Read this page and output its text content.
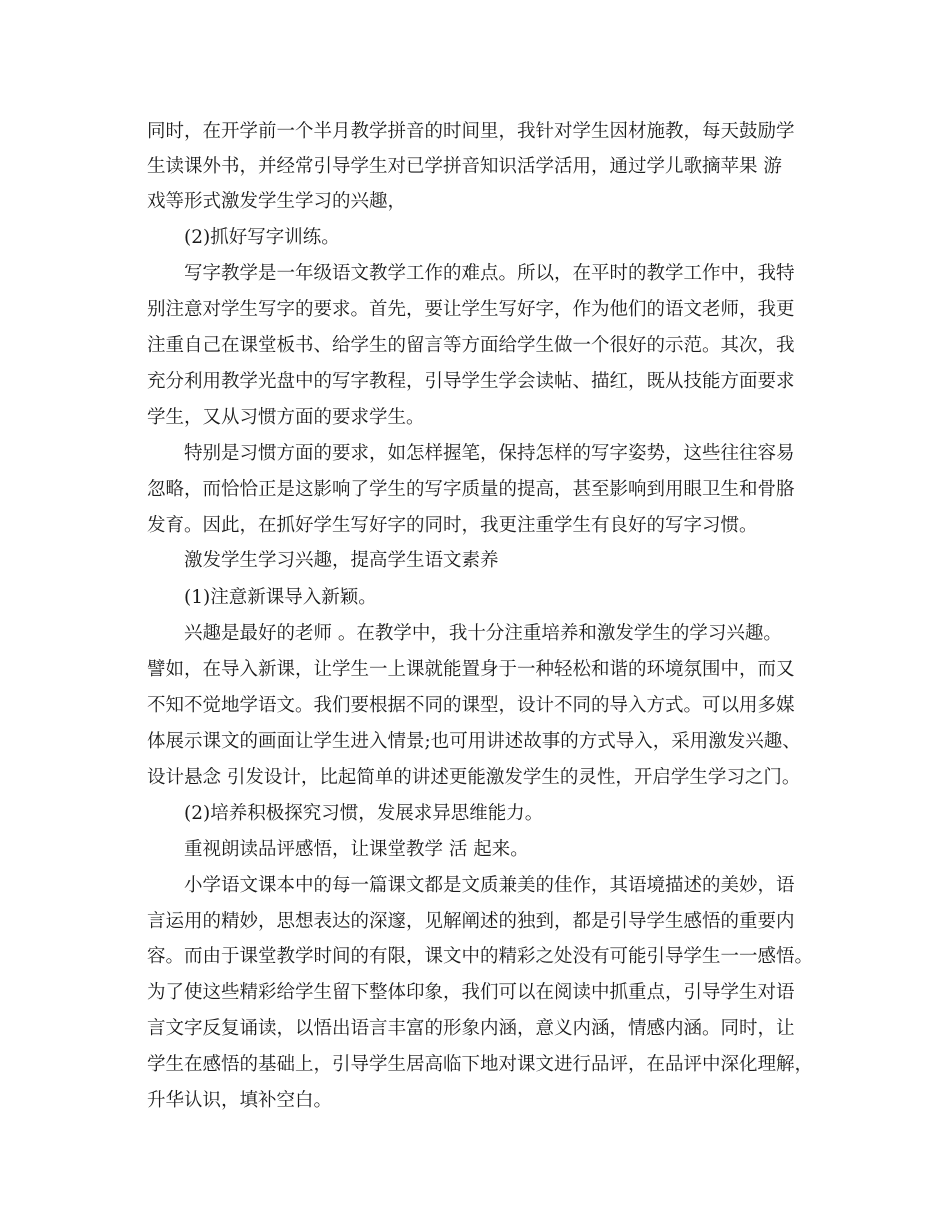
同时，在开学前一个半月教学拼音的时间里，我针对学生因材施教，每天鼓励学
生读课外书，并经常引导学生对已学拼音知识活学活用，通过学儿歌摘苹果 游
戏等形式激发学生学习的兴趣，
(2)抓好写字训练。
写字教学是一年级语文教学工作的难点。所以，在平时的教学工作中，我特
别注意对学生写字的要求。首先，要让学生写好字，作为他们的语文老师，我更
注重自己在课堂板书、给学生的留言等方面给学生做一个很好的示范。其次，我
充分利用教学光盘中的写字教程，引导学生学会读帖、描红，既从技能方面要求
学生，又从习惯方面的要求学生。
特别是习惯方面的要求，如怎样握笔，保持怎样的写字姿势，这些往往容易
忽略，而恰恰正是这影响了学生的写字质量的提高，甚至影响到用眼卫生和骨胳
发育。因此，在抓好学生写好字的同时，我更注重学生有良好的写字习惯。
激发学生学习兴趣，提高学生语文素养
(1)注意新课导入新颖。
兴趣是最好的老师 。在教学中，我十分注重培养和激发学生的学习兴趣。
譬如，在导入新课，让学生一上课就能置身于一种轻松和谐的环境氛围中，而又
不知不觉地学语文。我们要根据不同的课型，设计不同的导入方式。可以用多媒
体展示课文的画面让学生进入情景;也可用讲述故事的方式导入，采用激发兴趣、
设计悬念 引发设计，比起简单的讲述更能激发学生的灵性，开启学生学习之门。
(2)培养积极探究习惯，发展求异思维能力。
重视朗读品评感悟，让课堂教学 活 起来。
小学语文课本中的每一篇课文都是文质兼美的佳作，其语境描述的美妙，语
言运用的精妙，思想表达的深邃，见解阐述的独到，都是引导学生感悟的重要内
容。而由于课堂教学时间的有限，课文中的精彩之处没有可能引导学生一一感悟。
为了使这些精彩给学生留下整体印象，我们可以在阅读中抓重点，引导学生对语
言文字反复诵读，以悟出语言丰富的形象内涵，意义内涵，情感内涵。同时，让
学生在感悟的基础上，引导学生居高临下地对课文进行品评，在品评中深化理解，
升华认识，填补空白。
